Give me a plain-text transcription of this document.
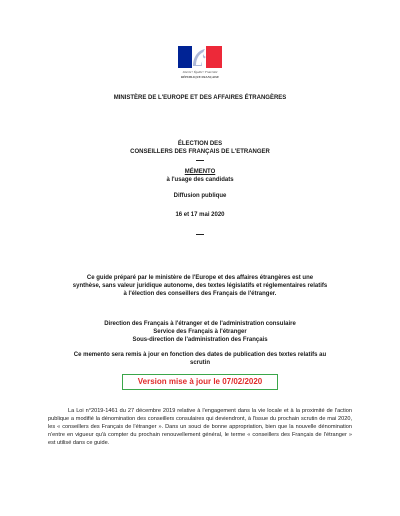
Liberté • Égalité • Fraternité
RÉPUBLIQUE FRANÇAISE

MINISTÈRE DE L'EUROPE ET DES AFFAIRES ÉTRANGÈRES

ÉLECTION DES

CONSEILLERS DES FRANÇAIS DE L'ETRANGER

MÉMENTO

à l'usage des candidats

Diffusion publique

16 et 17 mai 2020

Ce guide préparé par le ministère de l'Europe et des affaires étrangères est une

synthèse, sans valeur juridique autonome, des textes législatifs et réglementaires relatifs

à l'élection des conseillers des Français de l'étranger.

Direction des Français à l'étranger et de l'administration consulaire

Service des Français à l'étranger

Sous-direction de l'administration des Français

Ce memento sera remis à jour en fonction des dates de publication des textes relatifs au

scrutin

Version mise à jour le 07/02/2020

La Loi n°2019-1461 du 27 décembre 2019 relative à l'engagement dans la vie locale et à la proximité de l'action publique a modifié la dénomination des conseillers consulaires qui deviendront, à l'issue du prochain scrutin de mai 2020, les « conseillers des Français de l'étranger ». Dans un souci de bonne appropriation, bien que la nouvelle dénomination n'entre en vigueur qu'à compter du prochain renouvellement général, le terme « conseillers des Français de l'étranger » est utilisé dans ce guide.
